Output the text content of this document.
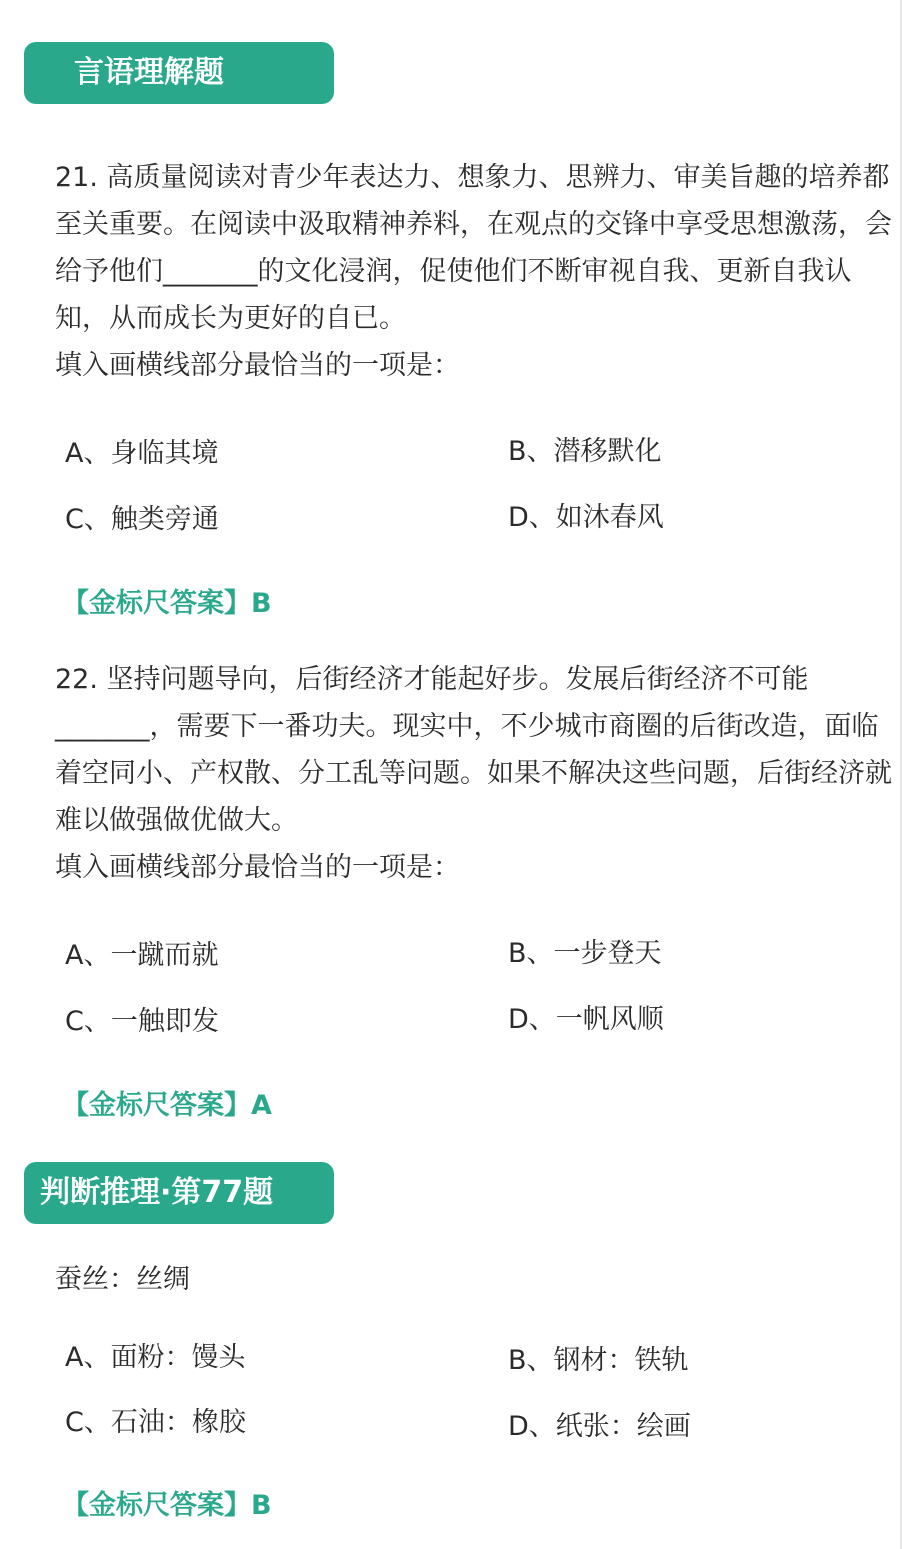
言语理解题

21. 高质量阅读对青少年表达力、想象力、思辨力、审美旨趣的培养都至关重要。在阅读中汲取精神养料，在观点的交锋中享受思想激荡，会给予他们_______的文化浸润，促使他们不断审视自我、更新自我认知，从而成长为更好的自已。

填入画横线部分最恰当的一项是：

A、身临其境	B、潜移默化
C、触类旁通	D、如沐春风
【金标尺答案】B

22. 坚持问题导向，后街经济才能起好步。发展后街经济不可能_______，需要下一番功夫。现实中，不少城市商圈的后街改造，面临着空同小、产权散、分工乱等问题。如果不解决这些问题，后街经济就难以做强做优做大。

填入画横线部分最恰当的一项是：

A、一蹴而就	B、一步登天
C、一触即发	D、一帆风顺
【金标尺答案】A
判断推理·第77题

蚕丝：丝绸

A、面粉：馒头	B、钢材：铁轨
C、石油：橡胶	D、纸张：绘画
【金标尺答案】B
